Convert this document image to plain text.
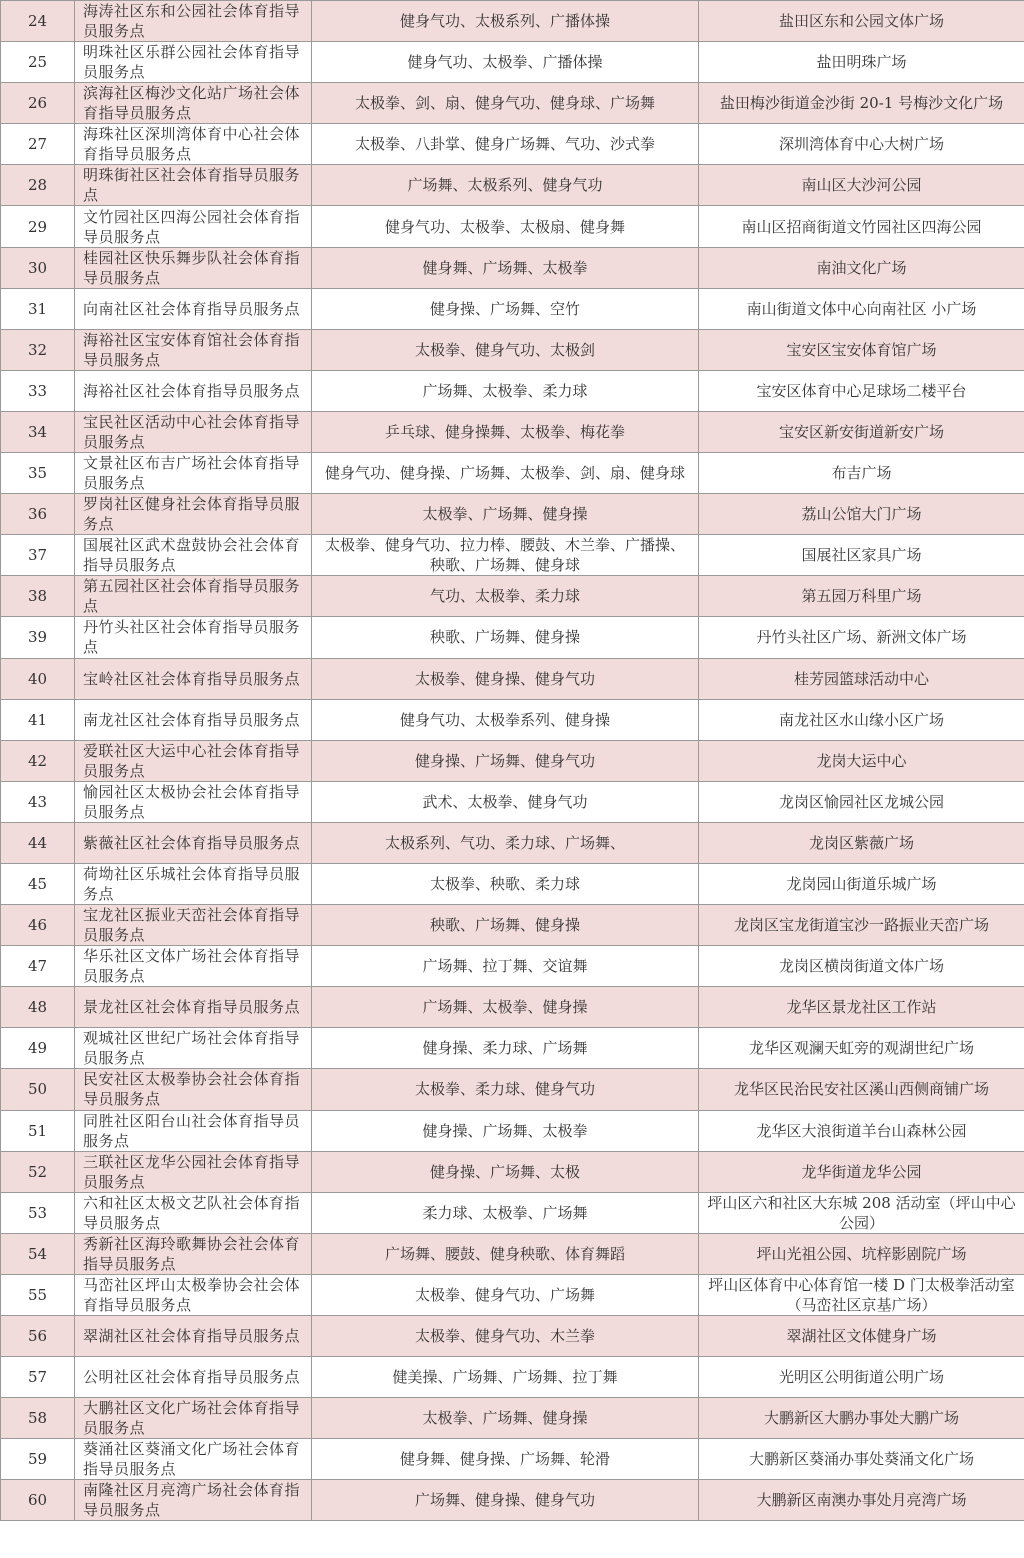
24	海涛社区东和公园社会体育指导员服务点	健身气功、太极系列、广播体操	盐田区东和公园文体广场
25	明珠社区乐群公园社会体育指导员服务点	健身气功、太极拳、广播体操	盐田明珠广场
26	滨海社区梅沙文化站广场社会体育指导员服务点	太极拳、剑、扇、健身气功、健身球、广场舞	盐田梅沙街道金沙街 20-1 号梅沙文化广场
27	海珠社区深圳湾体育中心社会体育指导员服务点	太极拳、八卦掌、健身广场舞、气功、沙式拳	深圳湾体育中心大树广场
28	明珠街社区社会体育指导员服务点	广场舞、太极系列、健身气功	南山区大沙河公园
29	文竹园社区四海公园社会体育指导员服务点	健身气功、太极拳、太极扇、健身舞	南山区招商街道文竹园社区四海公园
30	桂园社区快乐舞步队社会体育指导员服务点	健身舞、广场舞、太极拳	南油文化广场
31	向南社区社会体育指导员服务点	健身操、广场舞、空竹	南山街道文体中心向南社区 小广场
32	海裕社区宝安体育馆社会体育指导员服务点	太极拳、健身气功、太极剑	宝安区宝安体育馆广场
33	海裕社区社会体育指导员服务点	广场舞、太极拳、柔力球	宝安区体育中心足球场二楼平台
34	宝民社区活动中心社会体育指导员服务点	乒乓球、健身操舞、太极拳、梅花拳	宝安区新安街道新安广场
35	文景社区布吉广场社会体育指导员服务点	健身气功、健身操、广场舞、太极拳、剑、扇、健身球	布吉广场
36	罗岗社区健身社会体育指导员服务点	太极拳、广场舞、健身操	荔山公馆大门广场
37	国展社区武术盘鼓协会社会体育指导员服务点	太极拳、健身气功、拉力棒、腰鼓、木兰拳、广播操、秧歌、广场舞、健身球	国展社区家具广场
38	第五园社区社会体育指导员服务点	气功、太极拳、柔力球	第五园万科里广场
39	丹竹头社区社会体育指导员服务点	秧歌、广场舞、健身操	丹竹头社区广场、新洲文体广场
40	宝岭社区社会体育指导员服务点	太极拳、健身操、健身气功	桂芳园篮球活动中心
41	南龙社区社会体育指导员服务点	健身气功、太极拳系列、健身操	南龙社区水山缘小区广场
42	爱联社区大运中心社会体育指导员服务点	健身操、广场舞、健身气功	龙岗大运中心
43	愉园社区太极协会社会体育指导员服务点	武术、太极拳、健身气功	龙岗区愉园社区龙城公园
44	紫薇社区社会体育指导员服务点	太极系列、气功、柔力球、广场舞、	龙岗区紫薇广场
45	荷坳社区乐城社会体育指导员服务点	太极拳、秧歌、柔力球	龙岗园山街道乐城广场
46	宝龙社区振业天峦社会体育指导员服务点	秧歌、广场舞、健身操	龙岗区宝龙街道宝沙一路振业天峦广场
47	华乐社区文体广场社会体育指导员服务点	广场舞、拉丁舞、交谊舞	龙岗区横岗街道文体广场
48	景龙社区社会体育指导员服务点	广场舞、太极拳、健身操	龙华区景龙社区工作站
49	观城社区世纪广场社会体育指导员服务点	健身操、柔力球、广场舞	龙华区观澜天虹旁的观湖世纪广场
50	民安社区太极拳协会社会体育指导员服务点	太极拳、柔力球、健身气功	龙华区民治民安社区溪山西侧商铺广场
51	同胜社区阳台山社会体育指导员服务点	健身操、广场舞、太极拳	龙华区大浪街道羊台山森林公园
52	三联社区龙华公园社会体育指导员服务点	健身操、广场舞、太极	龙华街道龙华公园
53	六和社区太极文艺队社会体育指导员服务点	柔力球、太极拳、广场舞	坪山区六和社区大东城 208 活动室（坪山中心公园）
54	秀新社区海玲歌舞协会社会体育指导员服务点	广场舞、腰鼓、健身秧歌、体育舞蹈	坪山光祖公园、坑梓影剧院广场
55	马峦社区坪山太极拳协会社会体育指导员服务点	太极拳、健身气功、广场舞	坪山区体育中心体育馆一楼 D 门太极拳活动室（马峦社区京基广场）
56	翠湖社区社会体育指导员服务点	太极拳、健身气功、木兰拳	翠湖社区文体健身广场
57	公明社区社会体育指导员服务点	健美操、广场舞、广场舞、拉丁舞	光明区公明街道公明广场
58	大鹏社区文化广场社会体育指导员服务点	太极拳、广场舞、健身操	大鹏新区大鹏办事处大鹏广场
59	葵涌社区葵涌文化广场社会体育指导员服务点	健身舞、健身操、广场舞、轮滑	大鹏新区葵涌办事处葵涌文化广场
60	南隆社区月亮湾广场社会体育指导员服务点	广场舞、健身操、健身气功	大鹏新区南澳办事处月亮湾广场
